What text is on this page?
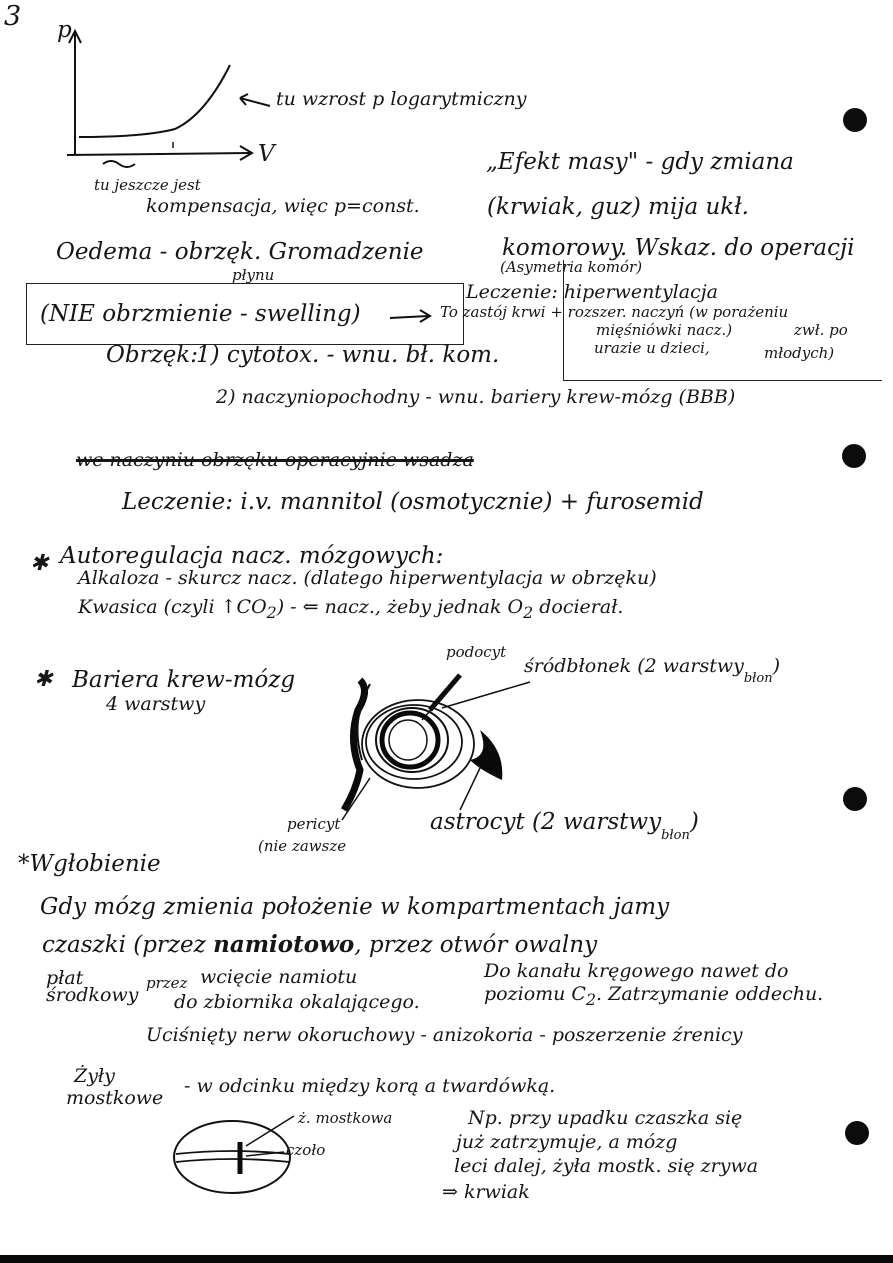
3 p
V
tu wzrost p logarytmiczny
tu jeszcze jest
kompensacja, więc p=const.
„Efekt masy" - gdy zmiana
(krwiak, guz) mija ukł.
komorowy. Wskaz. do operacji
(Asymetria komór)
Oedema - obrzęk. Gromadzenie
płynu
(NIE obrzmienie - swelling)
Leczenie: hiperwentylacja
To zastój krwi + rozszer. naczyń (w porażeniu
mięśniówki nacz.)	zwł. po
urazie u dzieci,	młodych)
Obrzęk:
1) cytotox. - wnu. bł. kom.
2) naczyniopochodny - wnu. bariery krew-mózg (BBB)
we naczyniu obrzęku operacyjnie wsadza
Leczenie: i.v. mannitol (osmotycznie) + furosemid
✱ Autoregulacja nacz. mózgowych:
Alkaloza - skurcz nacz. (dlatego hiperwentylacja w obrzęku)
Kwasica (czyli $↑CO_2$) - ⇐ nacz., żeby jednak $O_2$ docierał.
✱ Bariera krew-mózg
4 warstwy
podocyt
śródbłonek (2 warstwy$_{błon}$)
pericyt
(nie zawsze
astrocyt (2 warstwy$_{błon}$)
*Wgłobienie
Gdy mózg zmienia położenie w kompartmentach jamy
czaszki (przez namiotowo, przez otwór owalny
płat
środkowy
przez wcięcie namiotu
do zbiornika okalającego.
Do kanału kręgowego nawet do
poziomu $C_2$. Zatrzymanie oddechu.
Uciśnięty nerw okoruchowy - anizokoria - poszerzenie źrenicy
Żyły
mostkowe
- w odcinku między korą a twardówką.
ż. mostkowa
czoło
Np. przy upadku czaszka się
już zatrzymuje, a mózg
leci dalej, żyła mostk. się zrywa
⇒ krwiak
